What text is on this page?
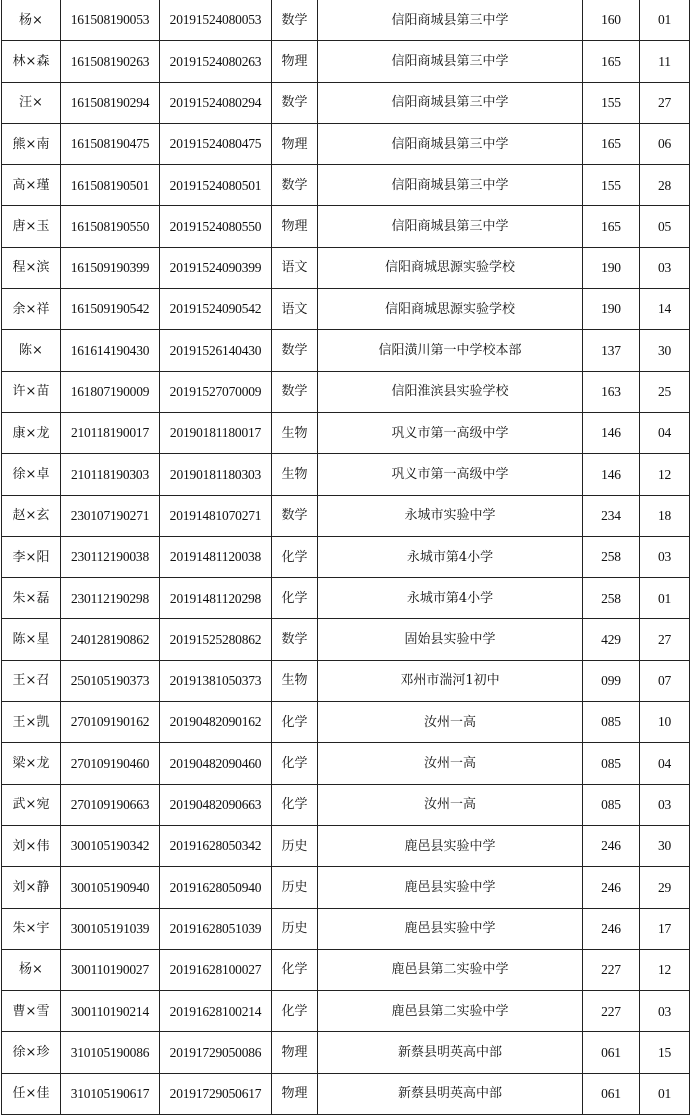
杨×	161508190053	20191524080053	数学	信阳商城县第三中学	160	01
林×森	161508190263	20191524080263	物理	信阳商城县第三中学	165	11
汪×	161508190294	20191524080294	数学	信阳商城县第三中学	155	27
熊×南	161508190475	20191524080475	物理	信阳商城县第三中学	165	06
高×瑾	161508190501	20191524080501	数学	信阳商城县第三中学	155	28
唐×玉	161508190550	20191524080550	物理	信阳商城县第三中学	165	05
程×滨	161509190399	20191524090399	语文	信阳商城思源实验学校	190	03
余×祥	161509190542	20191524090542	语文	信阳商城思源实验学校	190	14
陈×	161614190430	20191526140430	数学	信阳潢川第一中学校本部	137	30
许×苗	161807190009	20191527070009	数学	信阳淮滨县实验学校	163	25
康×龙	210118190017	20190181180017	生物	巩义市第一高级中学	146	04
徐×卓	210118190303	20190181180303	生物	巩义市第一高级中学	146	12
赵×玄	230107190271	20191481070271	数学	永城市实验中学	234	18
李×阳	230112190038	20191481120038	化学	永城市第4小学	258	03
朱×磊	230112190298	20191481120298	化学	永城市第4小学	258	01
陈×星	240128190862	20191525280862	数学	固始县实验中学	429	27
王×召	250105190373	20191381050373	生物	邓州市湍河1初中	099	07
王×凯	270109190162	20190482090162	化学	汝州一高	085	10
梁×龙	270109190460	20190482090460	化学	汝州一高	085	04
武×宛	270109190663	20190482090663	化学	汝州一高	085	03
刘×伟	300105190342	20191628050342	历史	鹿邑县实验中学	246	30
刘×静	300105190940	20191628050940	历史	鹿邑县实验中学	246	29
朱×宇	300105191039	20191628051039	历史	鹿邑县实验中学	246	17
杨×	300110190027	20191628100027	化学	鹿邑县第二实验中学	227	12
曹×雪	300110190214	20191628100214	化学	鹿邑县第二实验中学	227	03
徐×珍	310105190086	20191729050086	物理	新蔡县明英高中部	061	15
任×佳	310105190617	20191729050617	物理	新蔡县明英高中部	061	01
